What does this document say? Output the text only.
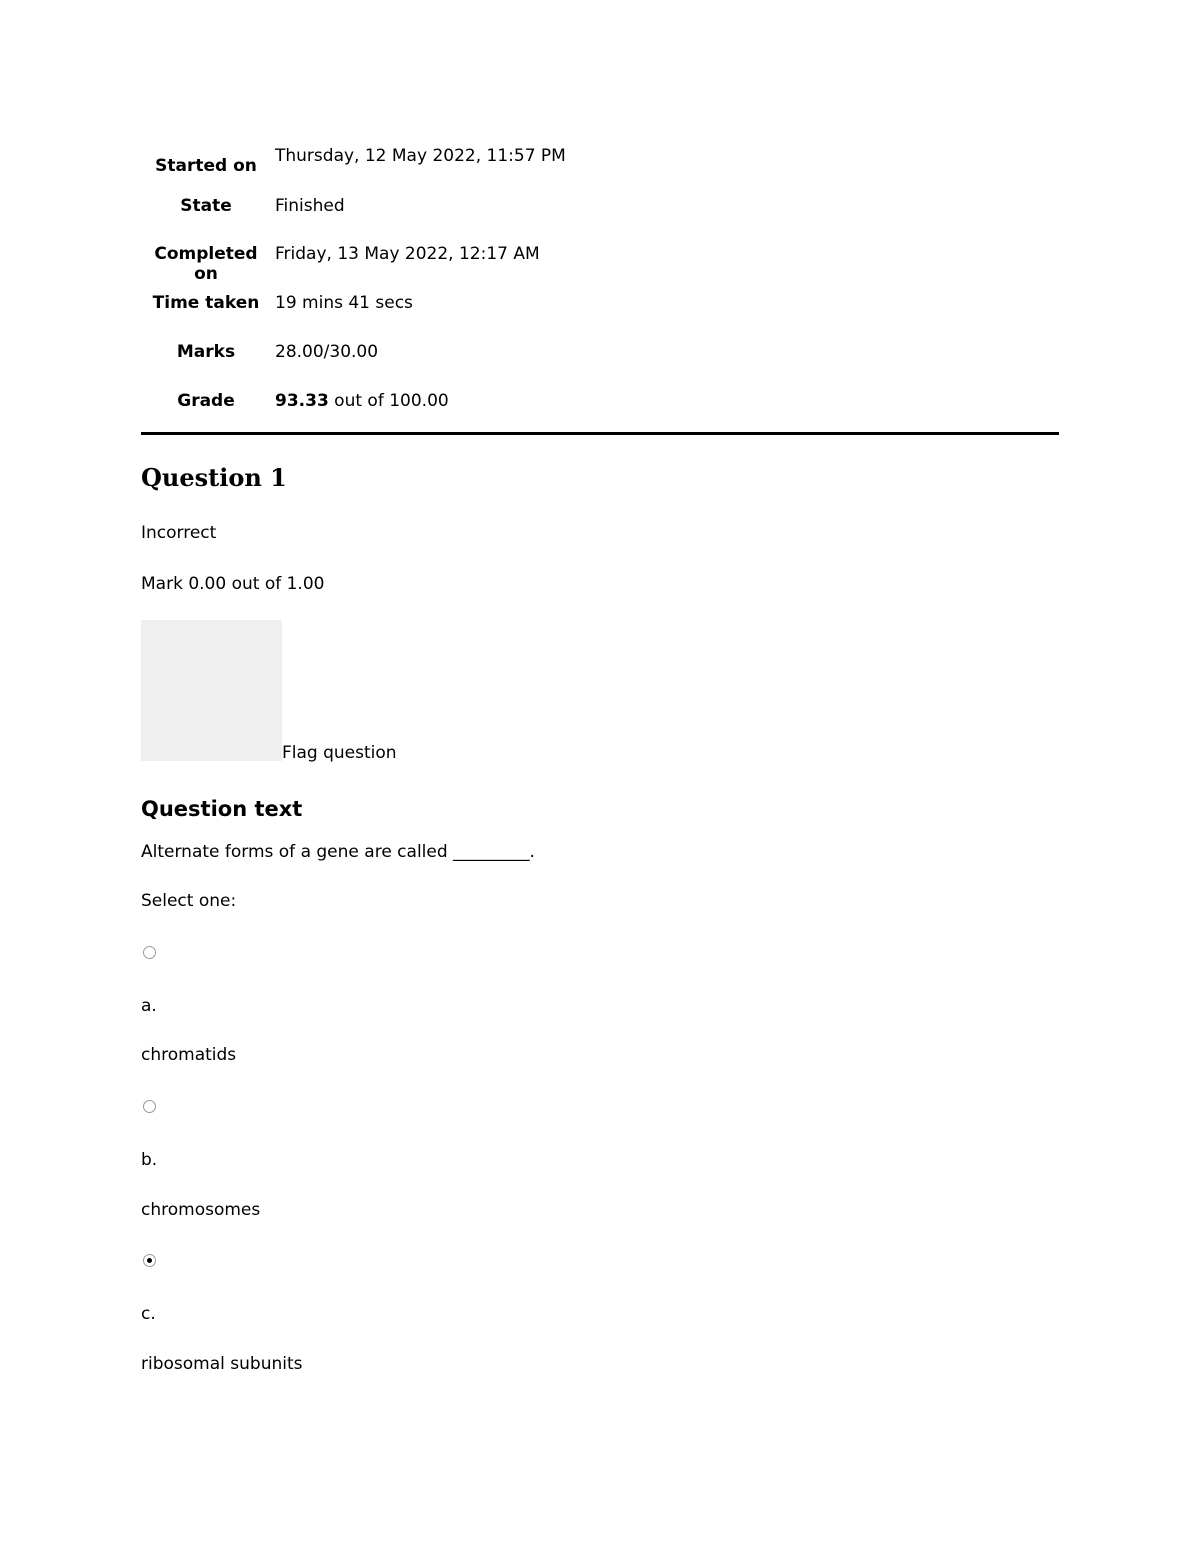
Started on	Thursday, 12 May 2022, 11:57 PM
State	Finished
Completed on	Friday, 13 May 2022, 12:17 AM
Time taken	19 mins 41 secs
Marks	28.00/30.00
Grade	93.33 out of 100.00
Question 1

Incorrect

Mark 0.00 out of 1.00

Flag question
Question text

Alternate forms of a gene are called _________.

Select one:

a.

chromatids

b.

chromosomes

c.

ribosomal subunits
